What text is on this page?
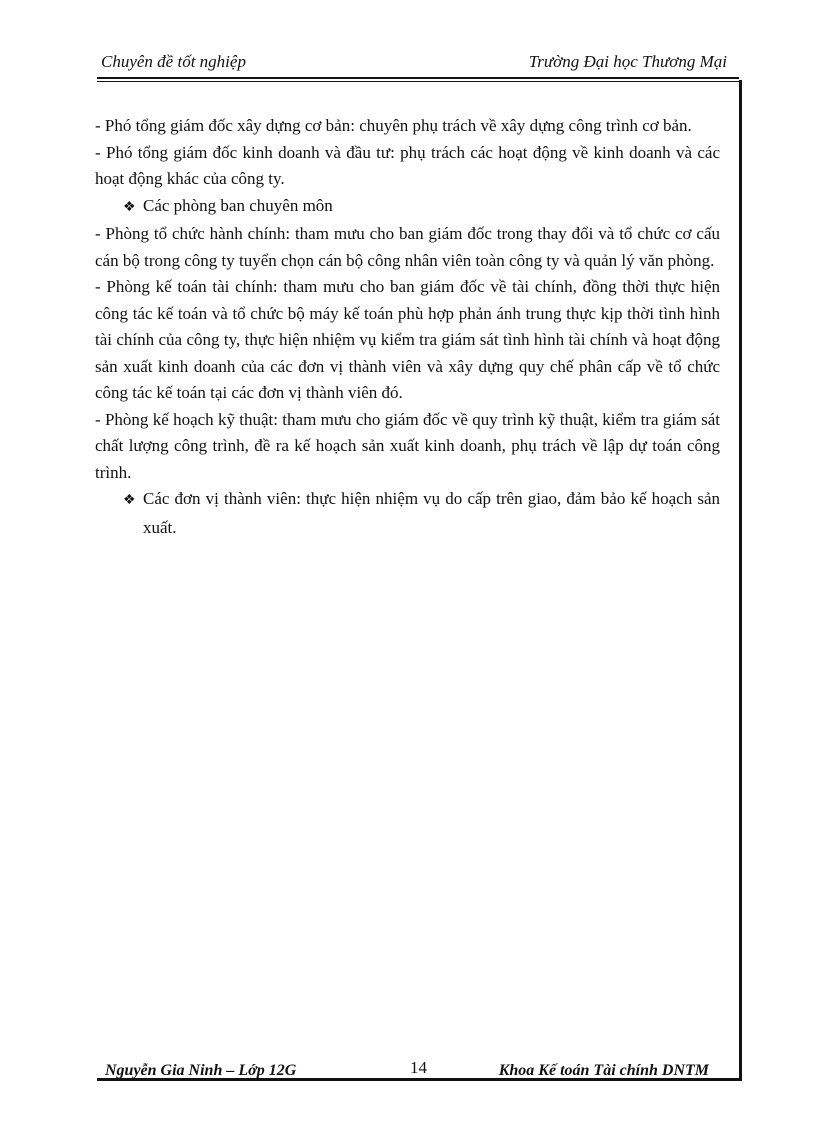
Chuyên đề tốt nghiệp	Trường Đại học Thương Mại

- Phó tổng giám đốc xây dựng cơ bản: chuyên phụ trách về xây dựng công trình cơ bản.

- Phó tổng giám đốc kinh doanh và đầu tư: phụ trách các hoạt động về kinh doanh và các hoạt động khác của công ty.

❖ Các phòng ban chuyên môn

- Phòng tổ chức hành chính: tham mưu cho ban giám đốc trong thay đổi và tổ chức cơ cấu cán bộ trong công ty tuyển chọn cán bộ công nhân viên toàn công ty và quản lý văn phòng.

- Phòng kế toán tài chính: tham mưu cho ban giám đốc về tài chính, đồng thời thực hiện công tác kế toán và tổ chức bộ máy kế toán phù hợp phản ánh trung thực kịp thời tình hình tài chính của công ty, thực hiện nhiệm vụ kiểm tra giám sát tình hình tài chính và hoạt động sản xuất kinh doanh của các đơn vị thành viên và xây dựng quy chế phân cấp về tổ chức công tác kế toán tại các đơn vị thành viên đó.

- Phòng kế hoạch kỹ thuật: tham mưu cho giám đốc về quy trình kỹ thuật, kiểm tra giám sát chất lượng công trình, đề ra kế hoạch sản xuất kinh doanh, phụ trách về lập dự toán công trình.

❖ Các đơn vị thành viên: thực hiện nhiệm vụ do cấp trên giao, đảm bảo kế hoạch sản xuất.

Nguyễn Gia Ninh – Lớp 12G	14	Khoa Kế toán Tài chính DNTM
